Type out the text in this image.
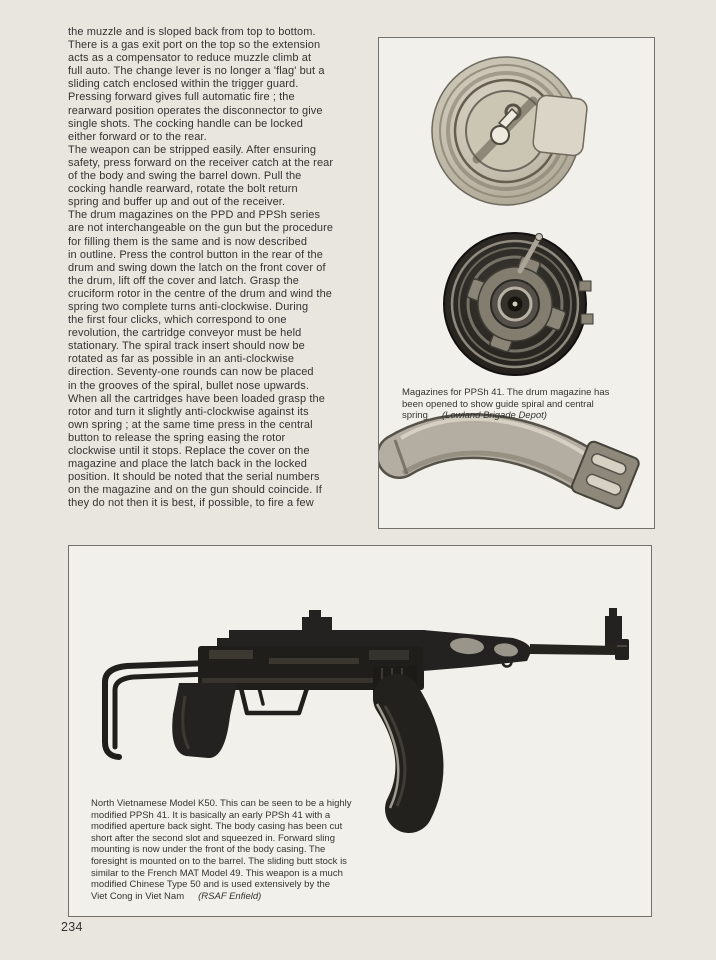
the muzzle and is sloped back from top to bottom.
There is a gas exit port on the top so the extension
acts as a compensator to reduce muzzle climb at
full auto. The change lever is no longer a 'flag' but a
sliding catch enclosed within the trigger guard.
Pressing forward gives full automatic fire ; the
rearward position operates the disconnector to give
single shots. The cocking handle can be locked
either forward or to the rear.
The weapon can be stripped easily. After ensuring
safety, press forward on the receiver catch at the rear
of the body and swing the barrel down. Pull the
cocking handle rearward, rotate the bolt return
spring and buffer up and out of the receiver.
The drum magazines on the PPD and PPSh series
are not interchangeable on the gun but the procedure
for filling them is the same and is now described
in outline. Press the control button in the rear of the
drum and swing down the latch on the front cover of
the drum, lift off the cover and latch. Grasp the
cruciform rotor in the centre of the drum and wind the
spring two complete turns anti-clockwise. During
the first four clicks, which correspond to one
revolution, the cartridge conveyor must be held
stationary. The spiral track insert should now be
rotated as far as possible in an anti-clockwise
direction. Seventy-one rounds can now be placed
in the grooves of the spiral, bullet nose upwards.
When all the cartridges have been loaded grasp the
rotor and turn it slightly anti-clockwise against its
own spring ; at the same time press in the central
button to release the spring easing the rotor
clockwise until it stops. Replace the cover on the
magazine and place the latch back in the locked
position. It should be noted that the serial numbers
on the magazine and on the gun should coincide. If
they do not then it is best, if possible, to fire a few
Magazines for PPSh 41. The drum magazine has
been opened to show guide spiral and central
spring (Lowland Brigade Depot)
North Vietnamese Model K50. This can be seen to be a highly
modified PPSh 41. It is basically an early PPSh 41 with a
modified aperture back sight. The body casing has been cut
short after the second slot and squeezed in. Forward sling
mounting is now under the front of the body casing. The
foresight is mounted on to the barrel. The sliding butt stock is
similar to the French MAT Model 49. This weapon is a much
modified Chinese Type 50 and is used extensively by the
Viet Cong in Viet Nam (RSAF Enfield)
234
